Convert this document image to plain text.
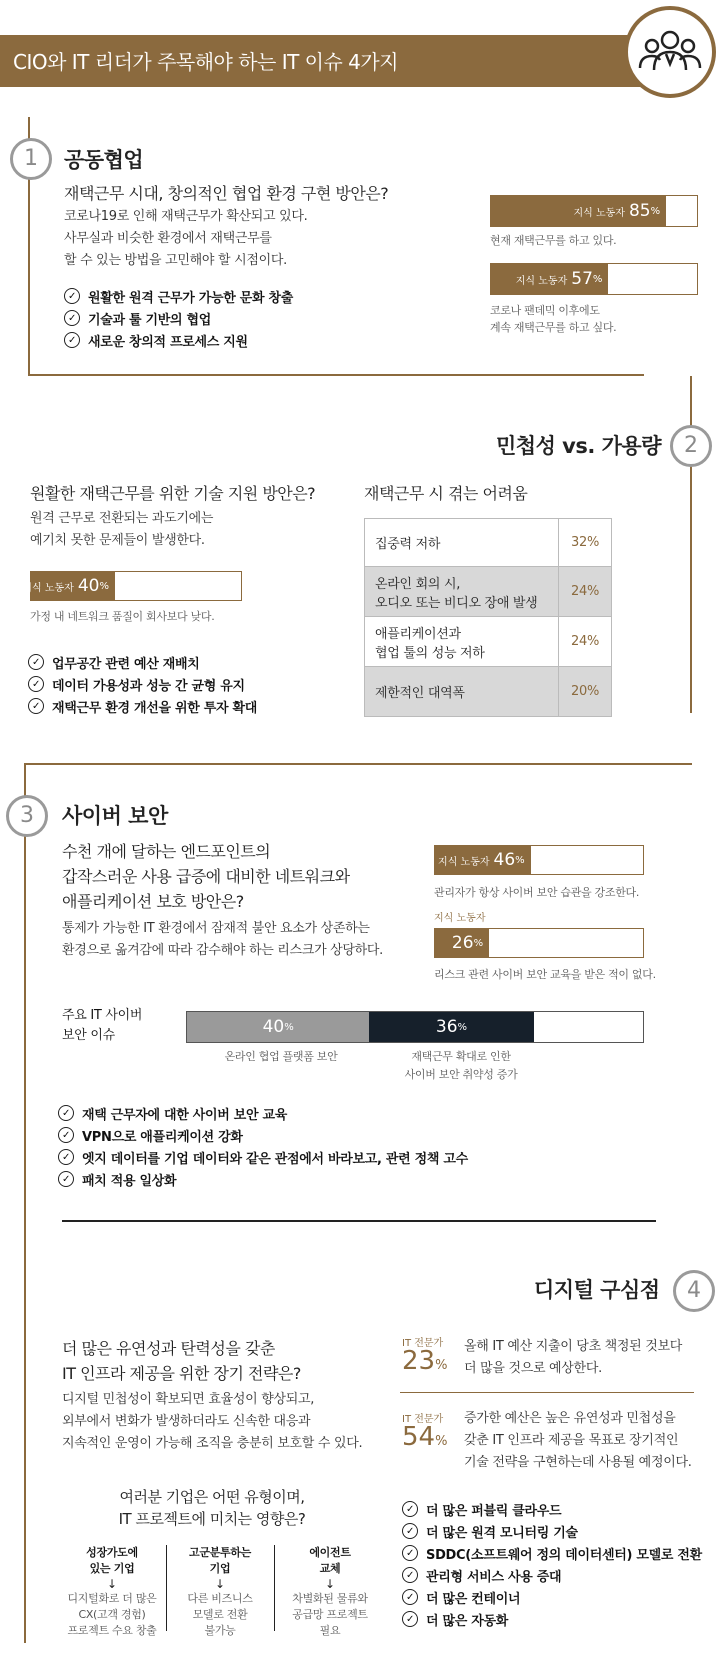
CIO와 IT 리더가 주목해야 하는 IT 이슈 4가지
1	공동협업
재택근무 시대, 창의적인 협업 환경 구현 방안은?
코로나19로 인해 재택근무가 확산되고 있다.
사무실과 비슷한 환경에서 재택근무를
할 수 있는 방법을 고민해야 할 시점이다.
✓ 원활한 원격 근무가 가능한 문화 창출
✓ 기술과 툴 기반의 협업
✓ 새로운 창의적 프로세스 지원
지식 노동자 85 %
현재 재택근무를 하고 있다.
지식 노동자 57 %
코로나 팬데믹 이후에도
계속 재택근무를 하고 싶다.
민첩성 vs. 가용량	2
원활한 재택근무를 위한 기술 지원 방안은?
원격 근무로 전환되는 과도기에는
예기치 못한 문제들이 발생한다.
지식 노동자 40 %
가정 내 네트워크 품질이 회사보다 낮다.
✓ 업무공간 관련 예산 재배치
✓ 데이터 가용성과 성능 간 균형 유지
✓ 재택근무 환경 개선을 위한 투자 확대
재택근무 시 겪는 어려움
집중력 저하	32%
온라인 회의 시,
오디오 또는 비디오 장애 발생	24%
애플리케이션과
협업 툴의 성능 저하	24%
제한적인 대역폭	20%
3	사이버 보안
수천 개에 달하는 엔드포인트의
갑작스러운 사용 급증에 대비한 네트워크와
애플리케이션 보호 방안은?
통제가 가능한 IT 환경에서 잠재적 불안 요소가 상존하는
환경으로 옮겨감에 따라 감수해야 하는 리스크가 상당하다.
지식 노동자 46 %
관리자가 항상 사이버 보안 습관을 강조한다.
지식 노동자
26 %
리스크 관련 사이버 보안 교육을 받은 적이 없다.
주요 IT 사이버
보안 이슈	40 %	36 %
온라인 협업 플랫폼 보안	재택근무 확대로 인한
사이버 보안 취약성 증가
✓ 재택 근무자에 대한 사이버 보안 교육
✓ VPN으로 애플리케이션 강화
✓ 엣지 데이터를 기업 데이터와 같은 관점에서 바라보고, 관련 정책 고수
✓ 패치 적용 일상화
디지털 구심점	4
더 많은 유연성과 탄력성을 갖춘
IT 인프라 제공을 위한 장기 전략은?
디지털 민첩성이 확보되면 효율성이 향상되고,
외부에서 변화가 발생하더라도 신속한 대응과
지속적인 운영이 가능해 조직을 충분히 보호할 수 있다.
IT 전문가
23%
올해 IT 예산 지출이 당초 책정된 것보다
더 많을 것으로 예상한다.
IT 전문가
54%
증가한 예산은 높은 유연성과 민첩성을
갖춘 IT 인프라 제공을 목표로 장기적인
기술 전략을 구현하는데 사용될 예정이다.
여러분 기업은 어떤 유형이며,
IT 프로젝트에 미치는 영향은?
성장가도에
있는 기업
↓
디지털화로 더 많은
CX(고객 경험)
프로젝트 수요 창출
고군분투하는
기업
↓
다른 비즈니스
모델로 전환
불가능
에이전트
교체
↓
차별화된 물류와
공급망 프로젝트
필요
✓ 더 많은 퍼블릭 클라우드
✓ 더 많은 원격 모니터링 기술
✓ SDDC(소프트웨어 정의 데이터센터) 모델로 전환
✓ 관리형 서비스 사용 증대
✓ 더 많은 컨테이너
✓ 더 많은 자동화
